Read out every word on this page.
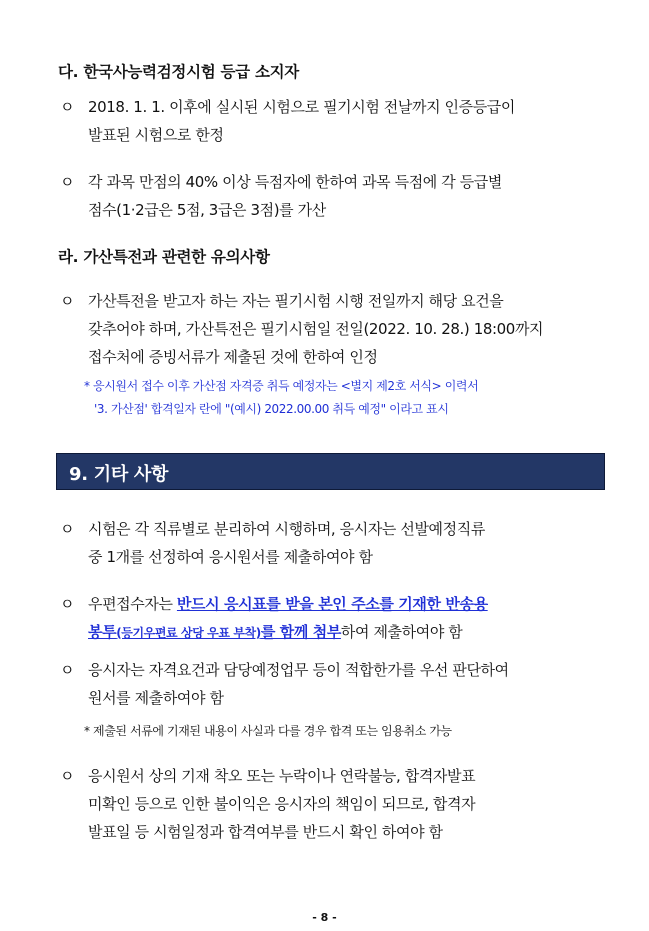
다. 한국사능력검정시험 등급 소지자
ㅇ 2018. 1. 1. 이후에 실시된 시험으로 필기시험 전날까지 인증등급이
발표된 시험으로 한정
ㅇ 각 과목 만점의 40% 이상 득점자에 한하여 과목 득점에 각 등급별
점수(1·2급은 5점, 3급은 3점)를 가산
라. 가산특전과 관련한 유의사항
ㅇ 가산특전을 받고자 하는 자는 필기시험 시행 전일까지 해당 요건을
갖추어야 하며, 가산특전은 필기시험일 전일(2022. 10. 28.) 18:00까지
접수처에 증빙서류가 제출된 것에 한하여 인정
* 응시원서 접수 이후 가산점 자격증 취득 예정자는 <별지 제2호 서식> 이력서
'3. 가산점' 합격일자 란에 "(예시) 2022.00.00 취득 예정" 이라고 표시
9. 기타 사항
ㅇ 시험은 각 직류별로 분리하여 시행하며, 응시자는 선발예정직류
중 1개를 선정하여 응시원서를 제출하여야 함
ㅇ 우편접수자는 반드시 응시표를 받을 본인 주소를 기재한 반송용
봉투(등기우편료 상당 우표 부착)를 함께 첨부하여 제출하여야 함
ㅇ 응시자는 자격요건과 담당예정업무 등이 적합한가를 우선 판단하여
원서를 제출하여야 함
* 제출된 서류에 기재된 내용이 사실과 다를 경우 합격 또는 임용취소 가능
ㅇ 응시원서 상의 기재 착오 또는 누락이나 연락불능, 합격자발표
미확인 등으로 인한 불이익은 응시자의 책임이 되므로, 합격자
발표일 등 시험일정과 합격여부를 반드시 확인 하여야 함
- 8 -
